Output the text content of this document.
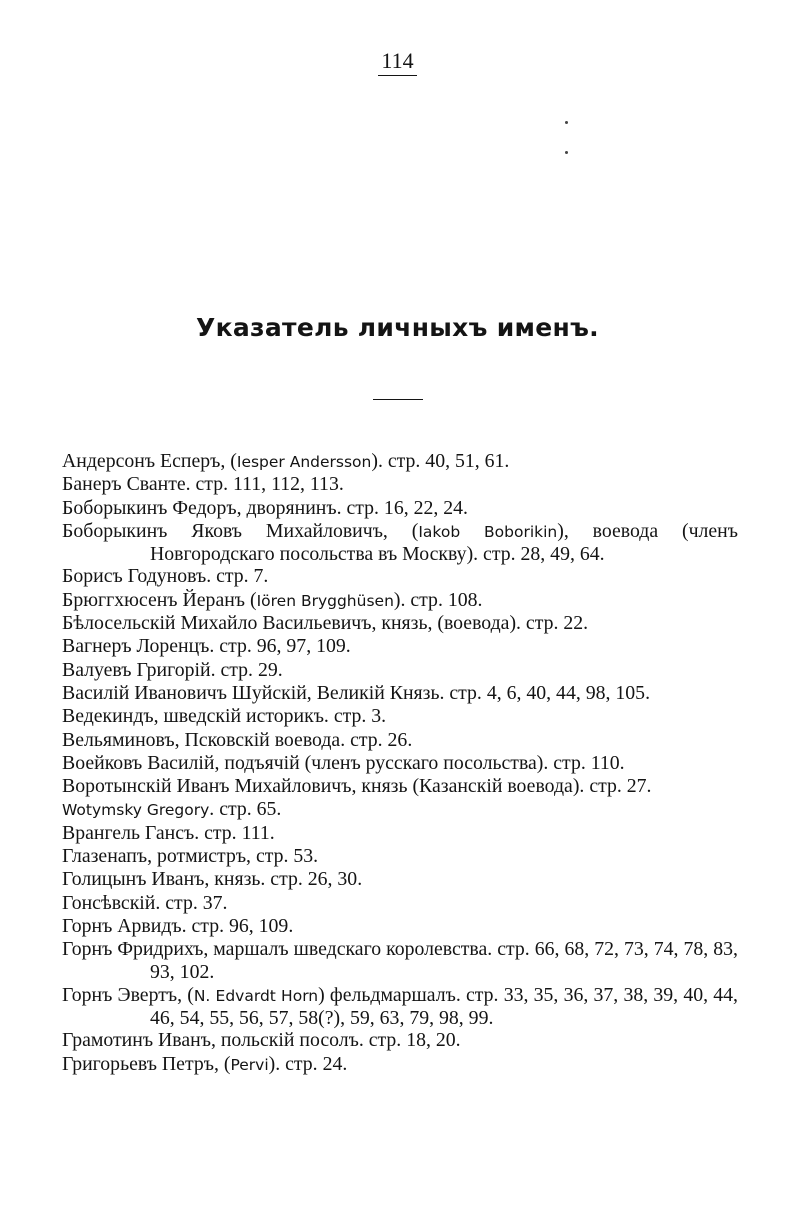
114
Указатель личныхъ именъ.
Андерсонъ Есперъ, (Iesper Andersson). стр. 40, 51, 61.
Банеръ Сванте. стр. 111, 112, 113.
Боборыкинъ Федоръ, дворянинъ. стр. 16, 22, 24.
Боборыкинъ Яковъ Михайловичъ, (Iakob Boborikin), воевода (членъ Новгородскаго посольства въ Москву). стр. 28, 49, 64.
Борисъ Годуновъ. стр. 7.
Брюггхюсенъ Йеранъ (Iören Brygghüsen). стр. 108.
Бѣлосельскій Михайло Васильевичъ, князь, (воевода). стр. 22.
Вагнеръ Лоренцъ. стр. 96, 97, 109.
Валуевъ Григорій. стр. 29.
Василій Ивановичъ Шуйскій, Великій Князь. стр. 4, 6, 40, 44, 98, 105.
Ведекиндъ, шведскій историкъ. стр. 3.
Вельяминовъ, Псковскій воевода. стр. 26.
Воейковъ Василій, подъячій (членъ русскаго посольства). стр. 110.
Воротынскій Иванъ Михайловичъ, князь (Казанскій воевода). стр. 27.
Wotymsky Gregory. стр. 65.
Врангель Гансъ. стр. 111.
Глазенапъ, ротмистръ, стр. 53.
Голицынъ Иванъ, князь. стр. 26, 30.
Гонсѣвскій. стр. 37.
Горнъ Арвидъ. стр. 96, 109.
Горнъ Фридрихъ, маршалъ шведскаго королевства. стр. 66, 68, 72, 73, 74, 78, 83, 93, 102.
Горнъ Эвертъ, (N. Edvardt Horn) фельдмаршалъ. стр. 33, 35, 36, 37, 38, 39, 40, 44, 46, 54, 55, 56, 57, 58(?), 59, 63, 79, 98, 99.
Грамотинъ Иванъ, польскій посолъ. стр. 18, 20.
Григорьевъ Петръ, (Pervi). стр. 24.
